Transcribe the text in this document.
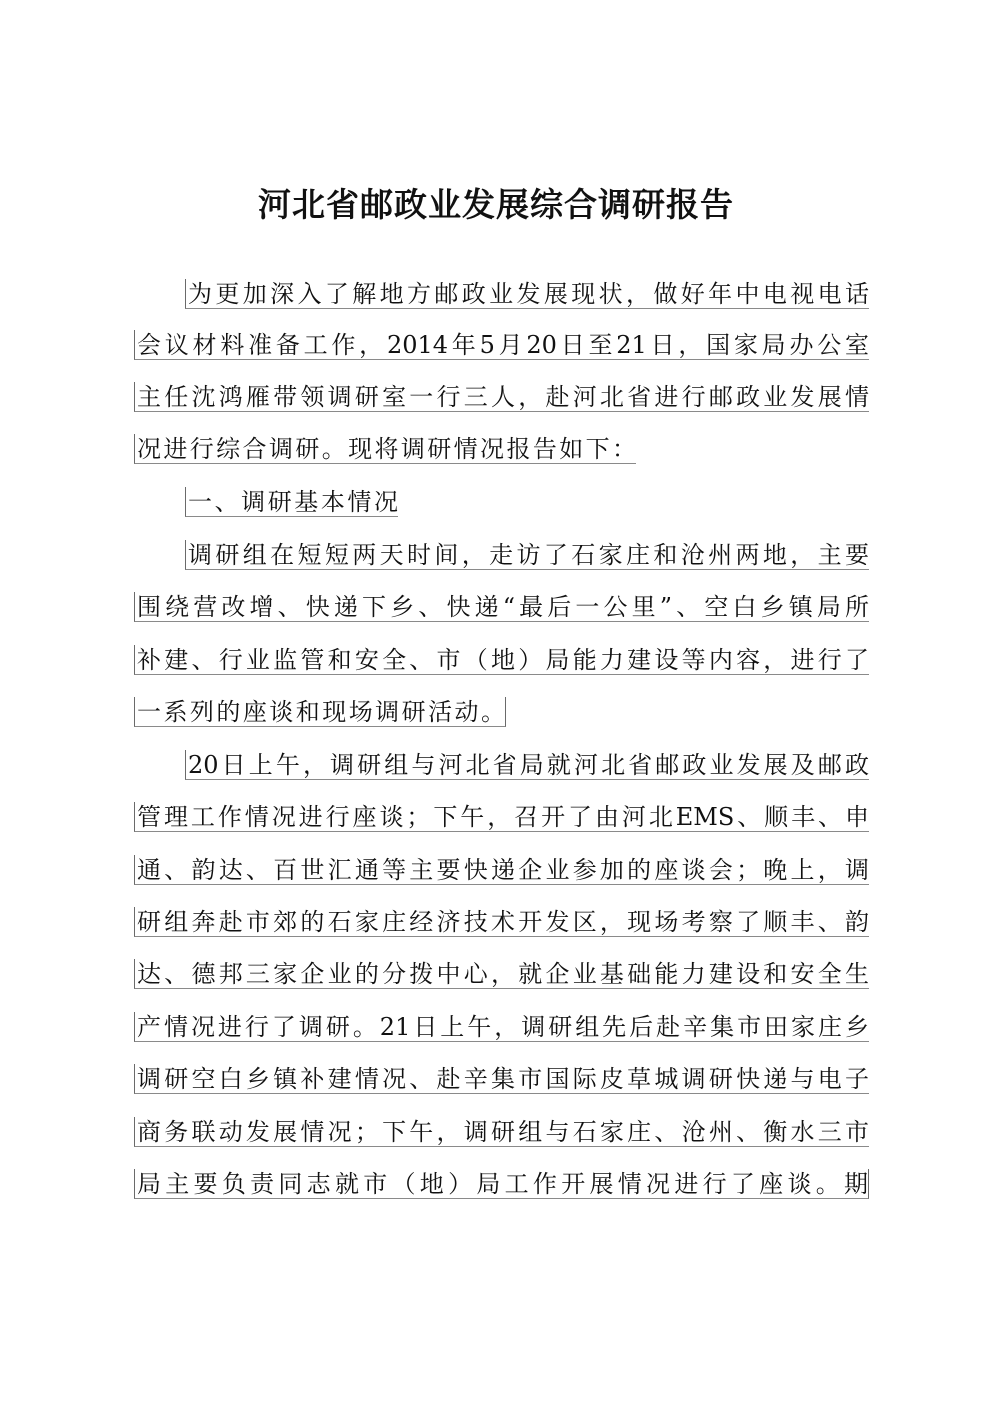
河北省邮政业发展综合调研报告
为更加深入了解地方邮政业发展现状，做好年中电视电话
会议材料准备工作，2014年5月20日至21日，国家局办公室
主任沈鸿雁带领调研室一行三人，赴河北省进行邮政业发展情
况进行综合调研。现将调研情况报告如下：
一、调研基本情况
调研组在短短两天时间，走访了石家庄和沧州两地，主要
围绕营改增、快递下乡、快递“最后一公里”、空白乡镇局所
补建、行业监管和安全、市（地）局能力建设等内容，进行了
一系列的座谈和现场调研活动。
20日上午，调研组与河北省局就河北省邮政业发展及邮政
管理工作情况进行座谈；下午，召开了由河北EMS、顺丰、申
通、韵达、百世汇通等主要快递企业参加的座谈会；晚上，调
研组奔赴市郊的石家庄经济技术开发区，现场考察了顺丰、韵
达、德邦三家企业的分拨中心，就企业基础能力建设和安全生
产情况进行了调研。21日上午，调研组先后赴辛集市田家庄乡
调研空白乡镇补建情况、赴辛集市国际皮草城调研快递与电子
商务联动发展情况；下午，调研组与石家庄、沧州、衡水三市
局主要负责同志就市（地）局工作开展情况进行了座谈。期
